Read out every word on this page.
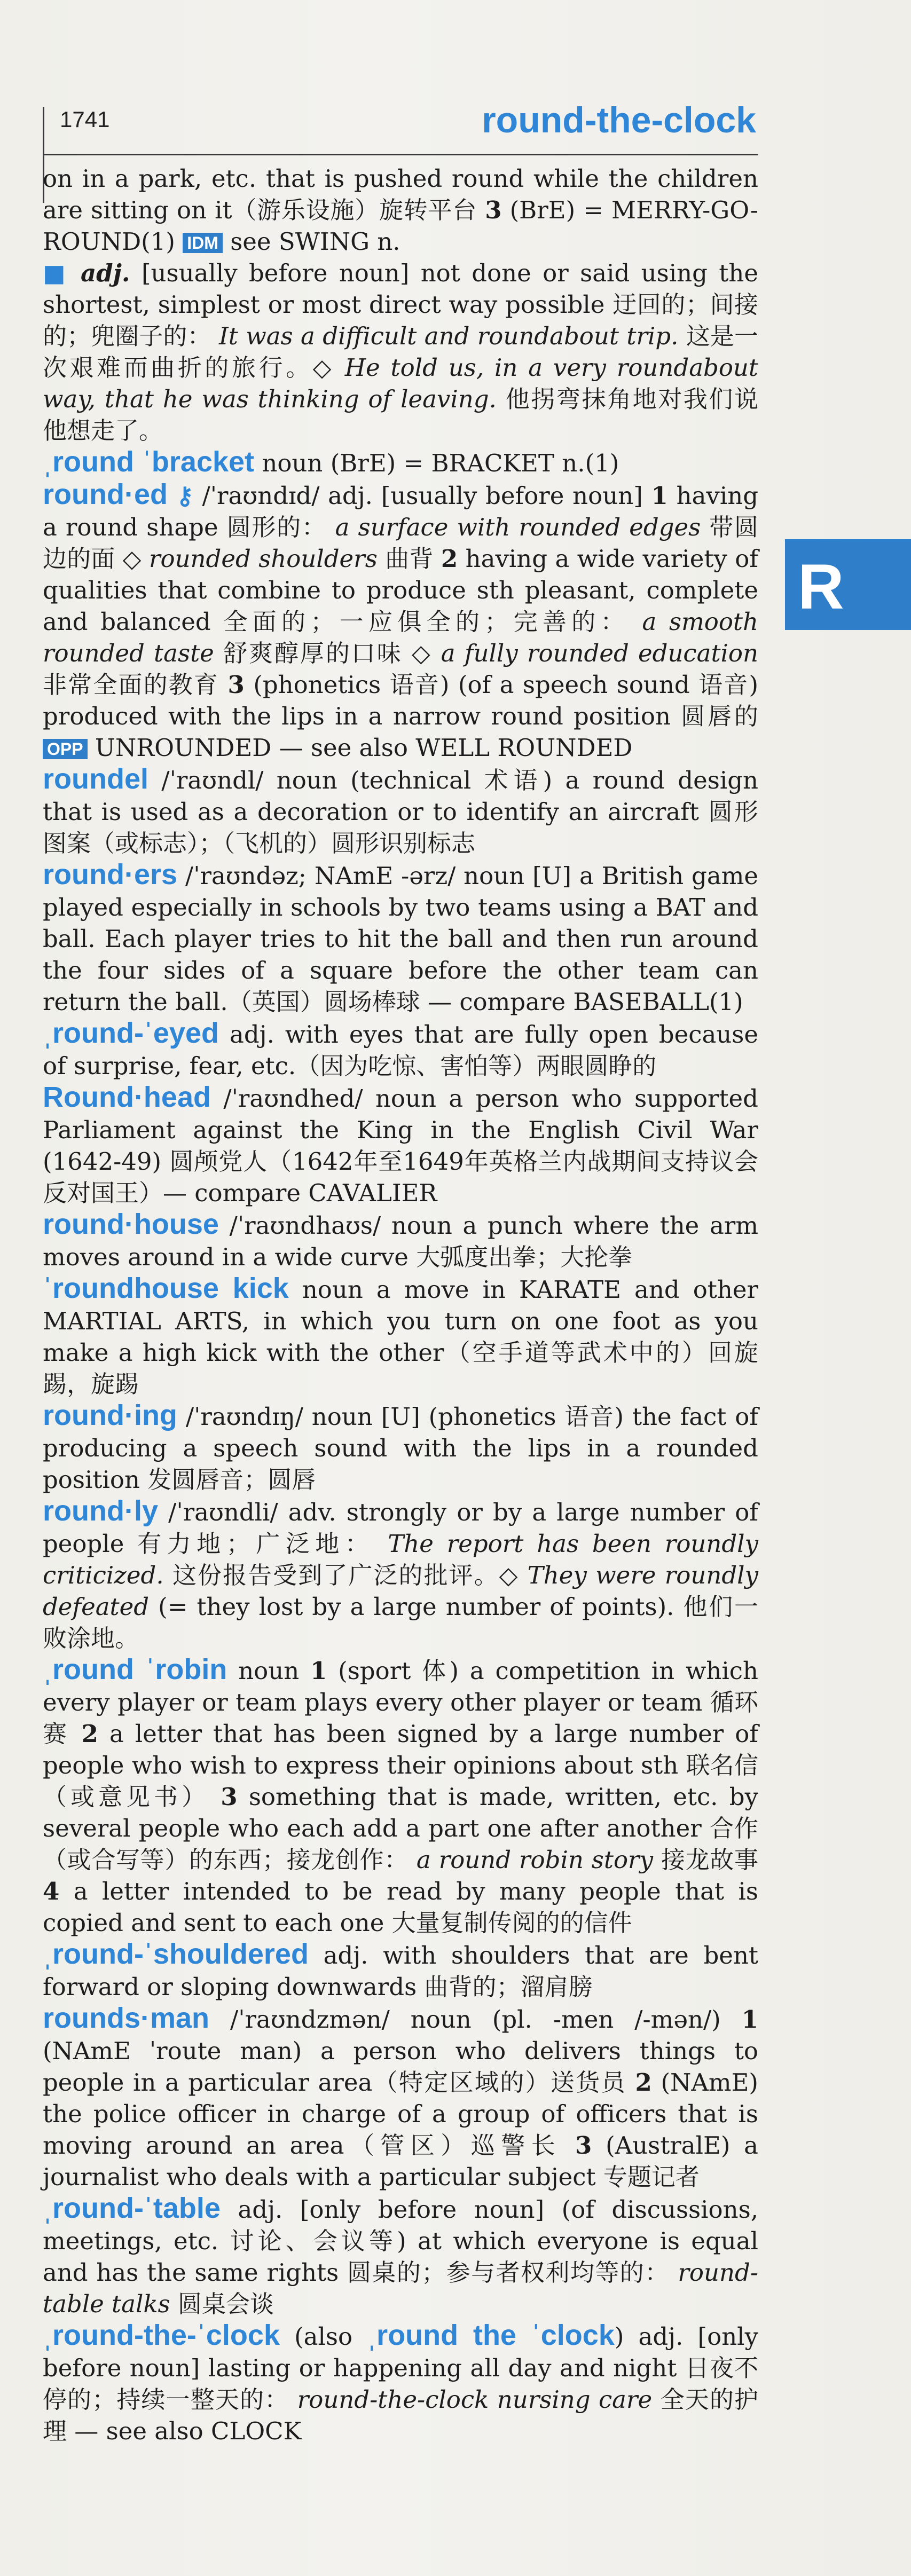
1741	round-the-clock
R

on in a park, etc. that is pushed round while the children are sitting on it（游乐设施）旋转平台 3 (BrE) = MERRY-GO-ROUND(1) IDM see SWING n.

■ adj. [usually before noun] not done or said using the shortest, simplest or most direct way possible 迂回的；间接的；兜圈子的： It was a difficult and roundabout trip. 这是一次艰难而曲折的旅行。◇ He told us, in a very roundabout way, that he was thinking of leaving. 他拐弯抹角地对我们说他想走了。

ˌround ˈbracket noun (BrE) = BRACKET n.(1)

round·ed ⚷ /ˈraʊndɪd/ adj. [usually before noun] 1 having a round shape 圆形的： a surface with rounded edges 带圆边的面 ◇ rounded shoulders 曲背 2 having a wide variety of qualities that combine to produce sth pleasant, complete and balanced 全面的；一应俱全的；完善的： a smooth rounded taste 舒爽醇厚的口味 ◇ a fully rounded education 非常全面的教育 3 (phonetics 语音) (of a speech sound 语音) produced with the lips in a narrow round position 圆唇的 OPP UNROUNDED — see also WELL ROUNDED

roundel /ˈraʊndl/ noun (technical 术语) a round design that is used as a decoration or to identify an aircraft 圆形图案（或标志）；（飞机的）圆形识别标志

round·ers /ˈraʊndəz; NAmE -ərz/ noun [U] a British game played especially in schools by two teams using a BAT and ball. Each player tries to hit the ball and then run around the four sides of a square before the other team can return the ball.（英国）圆场棒球 — compare BASEBALL(1)

ˌround-ˈeyed adj. with eyes that are fully open because of surprise, fear, etc.（因为吃惊、害怕等）两眼圆睁的

Round·head /ˈraʊndhed/ noun a person who supported Parliament against the King in the English Civil War (1642-49) 圆颅党人（1642年至1649年英格兰内战期间支持议会反对国王）— compare CAVALIER

round·house /ˈraʊndhaʊs/ noun a punch where the arm moves around in a wide curve 大弧度出拳；大抡拳

ˈroundhouse kick noun a move in KARATE and other MARTIAL ARTS, in which you turn on one foot as you make a high kick with the other（空手道等武术中的）回旋踢，旋踢

round·ing /ˈraʊndɪŋ/ noun [U] (phonetics 语音) the fact of producing a speech sound with the lips in a rounded position 发圆唇音；圆唇

round·ly /ˈraʊndli/ adv. strongly or by a large number of people 有力地；广泛地： The report has been roundly criticized. 这份报告受到了广泛的批评。◇ They were roundly defeated (= they lost by a large number of points). 他们一败涂地。

ˌround ˈrobin noun 1 (sport 体) a competition in which every player or team plays every other player or team 循环赛 2 a letter that has been signed by a large number of people who wish to express their opinions about sth 联名信（或意见书） 3 something that is made, written, etc. by several people who each add a part one after another 合作（或合写等）的东西；接龙创作： a round robin story 接龙故事 4 a letter intended to be read by many people that is copied and sent to each one 大量复制传阅的的信件

ˌround-ˈshouldered adj. with shoulders that are bent forward or sloping downwards 曲背的；溜肩膀

rounds·man /ˈraʊndzmən/ noun (pl. -men /-mən/) 1 (NAmE ˈroute man) a person who delivers things to people in a particular area（特定区域的）送货员 2 (NAmE) the police officer in charge of a group of officers that is moving around an area（管区）巡警长 3 (AustralE) a journalist who deals with a particular subject 专题记者

ˌround-ˈtable adj. [only before noun] (of discussions, meetings, etc. 讨论、会议等) at which everyone is equal and has the same rights 圆桌的；参与者权利均等的： round-table talks 圆桌会谈

ˌround-the-ˈclock (also ˌround the ˈclock) adj. [only before noun] lasting or happening all day and night 日夜不停的；持续一整天的： round-the-clock nursing care 全天的护理 — see also CLOCK
